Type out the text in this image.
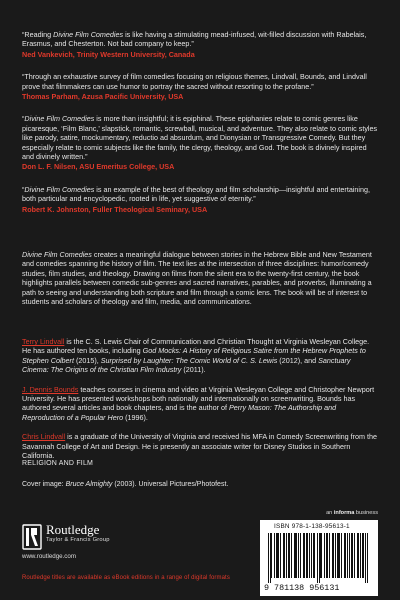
“Reading Divine Film Comedies is like having a stimulating mead-infused, wit-filled discussion with Rabelais, Erasmus, and Chesterton. Not bad company to keep.”
Ned Vankevich, Trinity Western University, Canada

“Through an exhaustive survey of film comedies focusing on religious themes, Lindvall, Bounds, and Lindvall prove that filmmakers can use humor to portray the sacred without resorting to the profane.”
Thomas Parham, Azusa Pacific University, USA

“Divine Film Comedies is more than insightful; it is epiphinal. These epiphanies relate to comic genres like picaresque, ‘Film Blanc,’ slapstick, romantic, screwball, musical, and adventure. They also relate to comic styles like parody, satire, mockumentary, reductio ad absurdum, and Dionysian or Transgressive Comedy. But they especially relate to comic subjects like the family, the clergy, theology, and God. The book is divinely inspired and divinely written.”
Don L. F. Nilsen, ASU Emeritus College, USA

“Divine Film Comedies is an example of the best of theology and film scholarship—insightful and entertaining, both particular and encyclopedic, rooted in life, yet suggestive of eternity.”
Robert K. Johnston, Fuller Theological Seminary, USA

Divine Film Comedies creates a meaningful dialogue between stories in the Hebrew Bible and New Testament and comedies spanning the history of film. The text lies at the intersection of three disciplines: humor/comedy studies, film studies, and theology. Drawing on films from the silent era to the twenty-first century, the book highlights parallels between comedic sub-genres and sacred narratives, parables, and proverbs, illuminating a path to seeing and understanding both scripture and film through a comic lens. The book will be of interest to students and scholars of theology and film, media, and communications.

Terry Lindvall is the C. S. Lewis Chair of Communication and Christian Thought at Virginia Wesleyan College. He has authored ten books, including God Mocks: A History of Religious Satire from the Hebrew Prophets to Stephen Colbert (2015), Surprised by Laughter: The Comic World of C. S. Lewis (2012), and Sanctuary Cinema: The Origins of the Christian Film Industry (2011).

J. Dennis Bounds teaches courses in cinema and video at Virginia Wesleyan College and Christopher Newport University. He has presented workshops both nationally and internationally on screenwriting. Bounds has authored several articles and book chapters, and is the author of Perry Mason: The Authorship and Reproduction of a Popular Hero (1996).

Chris Lindvall is a graduate of the University of Virginia and received his MFA in Comedy Screenwriting from the Savannah College of Art and Design. He is presently an associate writer for Disney Studios in Southern California.

RELIGION AND FILM
Cover image: Bruce Almighty (2003). Universal Pictures/Photofest.
Routledge
Taylor & Francis Group
www.routledge.com
Routledge titles are available as eBook editions in a range of digital formats
an informa business
ISBN 978-1-138-95613-1
9 781138 956131
